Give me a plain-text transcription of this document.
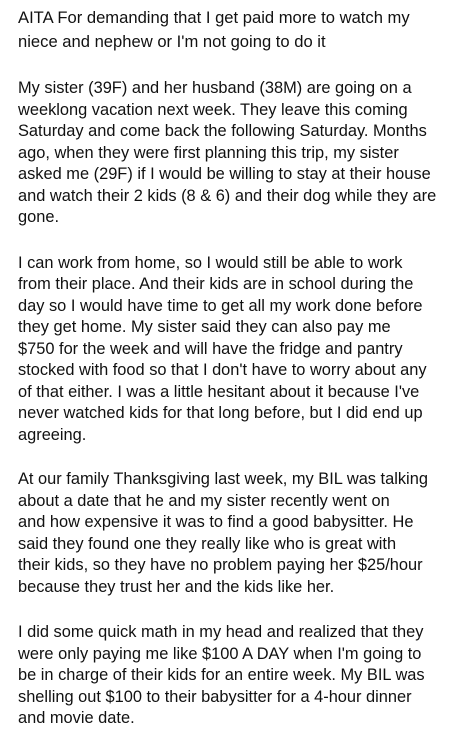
AITA For demanding that I get paid more to watch my
niece and nephew or I'm not going to do it
My sister (39F) and her husband (38M) are going on a
weeklong vacation next week. They leave this coming
Saturday and come back the following Saturday. Months
ago, when they were first planning this trip, my sister
asked me (29F) if I would be willing to stay at their house
and watch their 2 kids (8 & 6) and their dog while they are
gone.
I can work from home, so I would still be able to work
from their place. And their kids are in school during the
day so I would have time to get all my work done before
they get home. My sister said they can also pay me
$750 for the week and will have the fridge and pantry
stocked with food so that I don't have to worry about any
of that either. I was a little hesitant about it because I've
never watched kids for that long before, but I did end up
agreeing.
At our family Thanksgiving last week, my BIL was talking
about a date that he and my sister recently went on
and how expensive it was to find a good babysitter. He
said they found one they really like who is great with
their kids, so they have no problem paying her $25/hour
because they trust her and the kids like her.
I did some quick math in my head and realized that they
were only paying me like $100 A DAY when I'm going to
be in charge of their kids for an entire week. My BIL was
shelling out $100 to their babysitter for a 4-hour dinner
and movie date.
